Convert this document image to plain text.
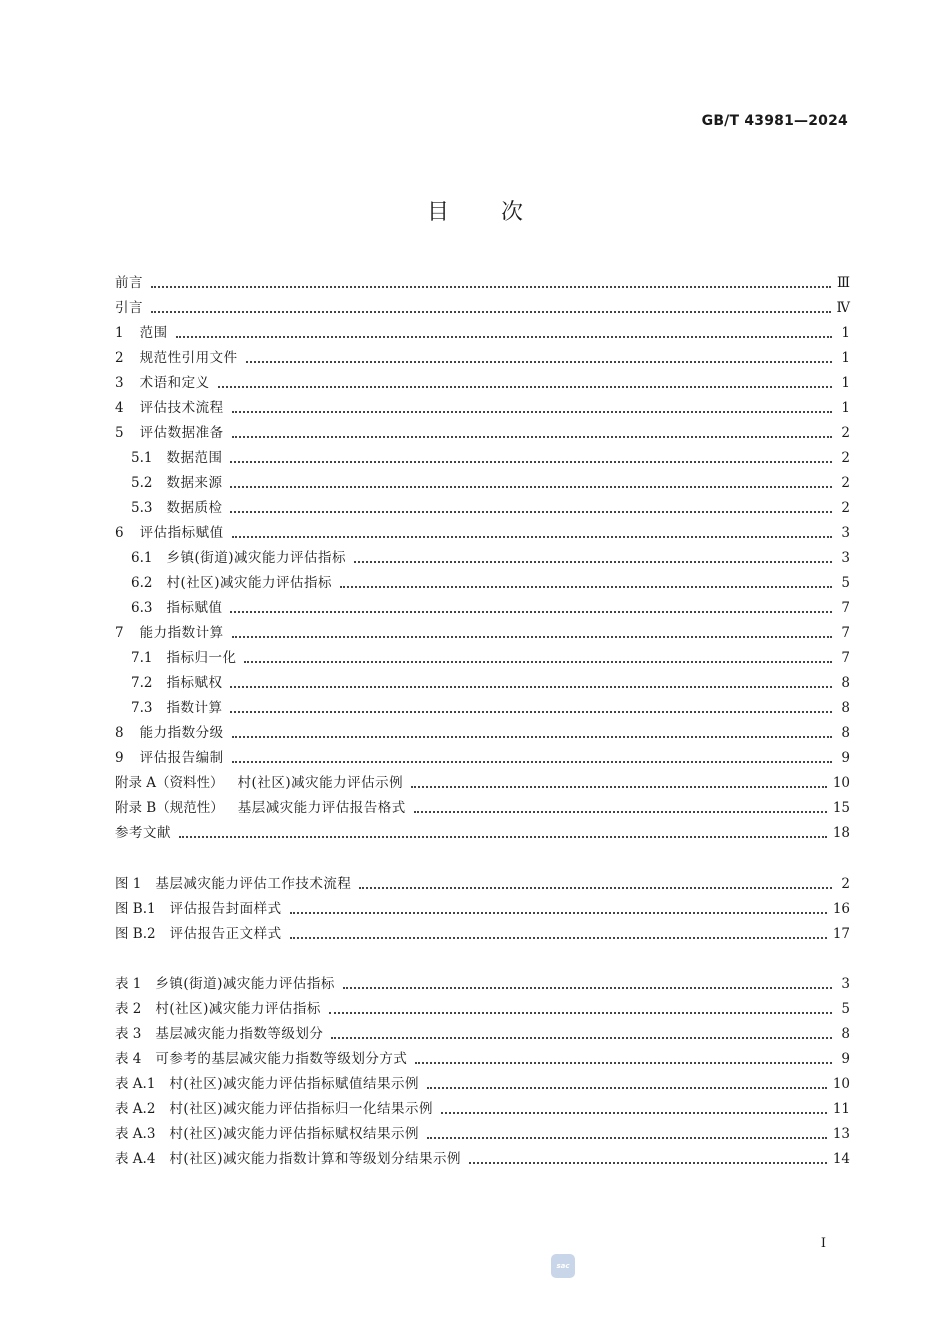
GB/T 43981—2024
目次
前言	Ⅲ
引言	Ⅳ
1 范围	1
2 规范性引用文件	1
3 术语和定义	1
4 评估技术流程	1
5 评估数据准备	2
5.1 数据范围	2
5.2 数据来源	2
5.3 数据质检	2
6 评估指标赋值	3
6.1 乡镇(街道)减灾能力评估指标	3
6.2 村(社区)减灾能力评估指标	5
6.3 指标赋值	7
7 能力指数计算	7
7.1 指标归一化	7
7.2 指标赋权	8
7.3 指数计算	8
8 能力指数分级	8
9 评估报告编制	9
附录 A（资料性） 村(社区)减灾能力评估示例	10
附录 B（规范性） 基层减灾能力评估报告格式	15
参考文献	18
图 1 基层减灾能力评估工作技术流程	2
图 B.1 评估报告封面样式	16
图 B.2 评估报告正文样式	17
表 1 乡镇(街道)减灾能力评估指标	3
表 2 村(社区)减灾能力评估指标	5
表 3 基层减灾能力指数等级划分	8
表 4 可参考的基层减灾能力指数等级划分方式	9
表 A.1 村(社区)减灾能力评估指标赋值结果示例	10
表 A.2 村(社区)减灾能力评估指标归一化结果示例	11
表 A.3 村(社区)减灾能力评估指标赋权结果示例	13
表 A.4 村(社区)减灾能力指数计算和等级划分结果示例	14
I
sac
